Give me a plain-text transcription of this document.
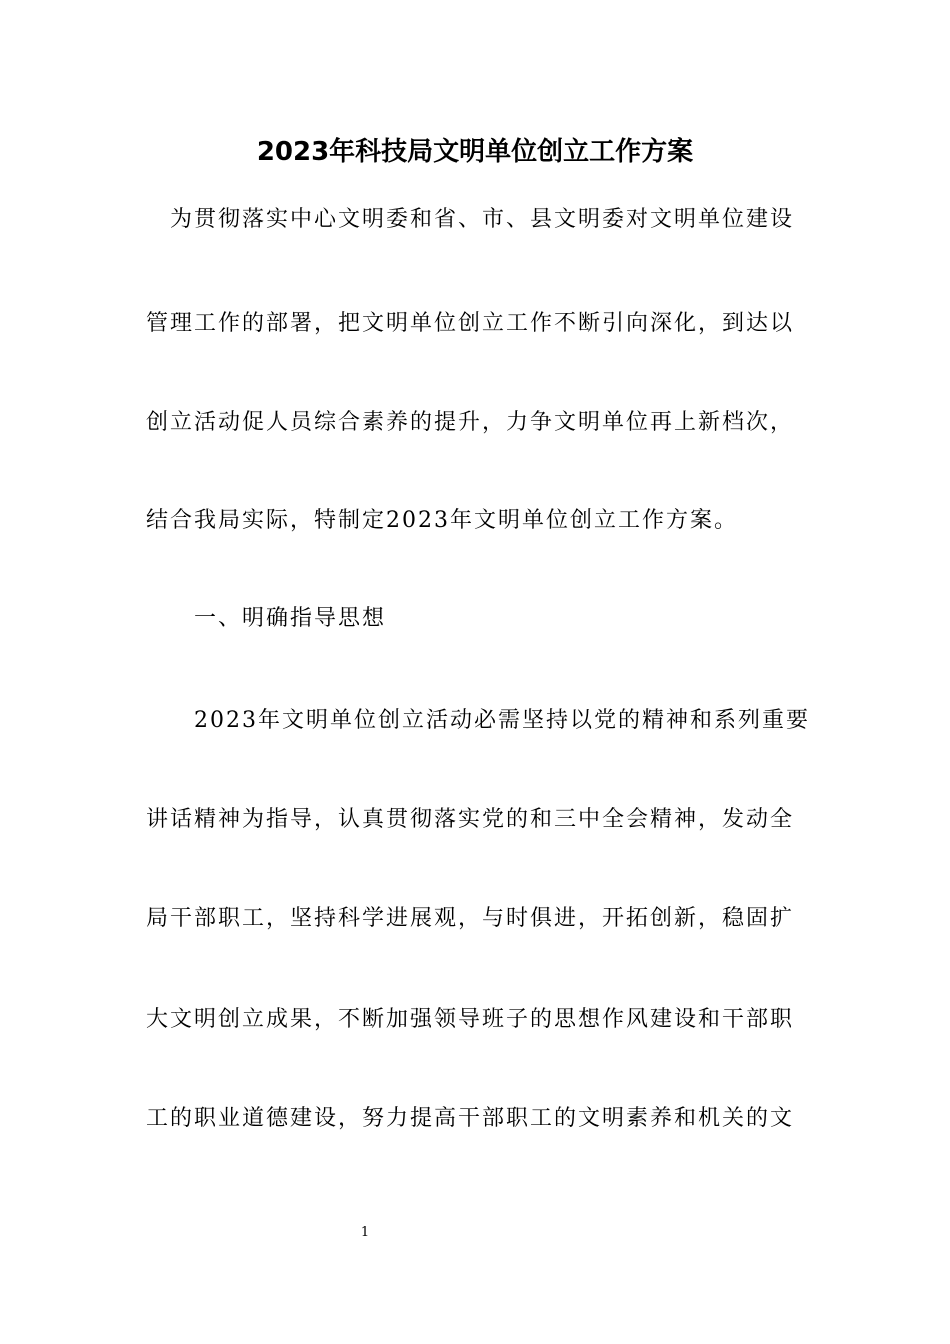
2023年科技局文明单位创立工作方案
为贯彻落实中心文明委和省、市、县文明委对文明单位建设
管理工作的部署，把文明单位创立工作不断引向深化，到达以
创立活动促人员综合素养的提升，力争文明单位再上新档次，
结合我局实际，特制定2023年文明单位创立工作方案。
一、明确指导思想
2023年文明单位创立活动必需坚持以党的精神和系列重要
讲话精神为指导，认真贯彻落实党的和三中全会精神，发动全
局干部职工，坚持科学进展观，与时俱进，开拓创新，稳固扩
大文明创立成果，不断加强领导班子的思想作风建设和干部职
工的职业道德建设，努力提高干部职工的文明素养和机关的文
1
